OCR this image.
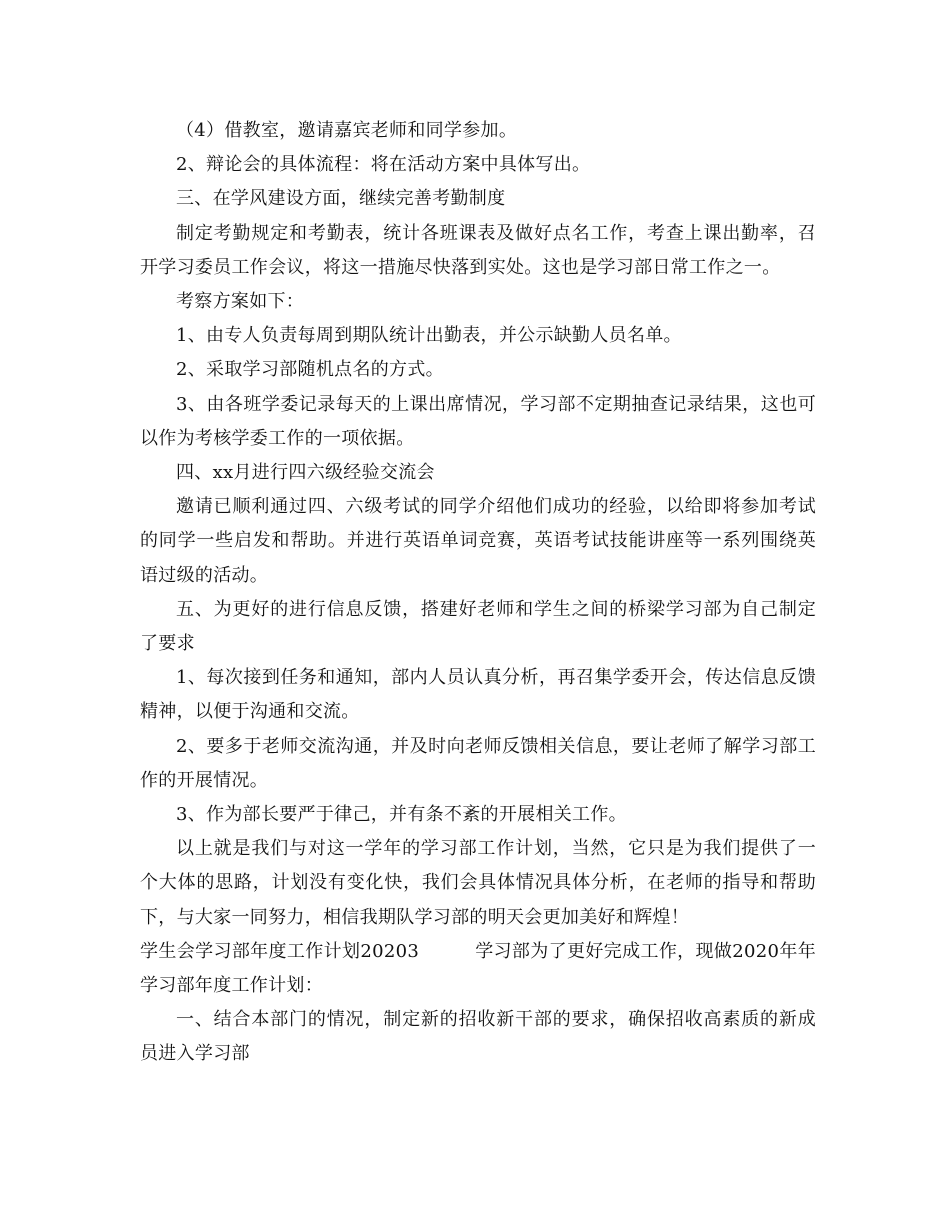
（4）借教室，邀请嘉宾老师和同学参加。

2、辩论会的具体流程：将在活动方案中具体写出。

三、在学风建设方面，继续完善考勤制度

制定考勤规定和考勤表，统计各班课表及做好点名工作，考查上课出勤率，召开学习委员工作会议，将这一措施尽快落到实处。这也是学习部日常工作之一。

考察方案如下：

1、由专人负责每周到期队统计出勤表，并公示缺勤人员名单。

2、采取学习部随机点名的方式。

3、由各班学委记录每天的上课出席情况，学习部不定期抽查记录结果，这也可以作为考核学委工作的一项依据。

四、xx月进行四六级经验交流会

邀请已顺利通过四、六级考试的同学介绍他们成功的经验，以给即将参加考试的同学一些启发和帮助。并进行英语单词竞赛，英语考试技能讲座等一系列围绕英语过级的活动。

五、为更好的进行信息反馈，搭建好老师和学生之间的桥梁学习部为自己制定了要求

1、每次接到任务和通知，部内人员认真分析，再召集学委开会，传达信息反馈精神，以便于沟通和交流。

2、要多于老师交流沟通，并及时向老师反馈相关信息，要让老师了解学习部工作的开展情况。

3、作为部长要严于律己，并有条不紊的开展相关工作。

以上就是我们与对这一学年的学习部工作计划，当然，它只是为我们提供了一个大体的思路，计划没有变化快，我们会具体情况具体分析，在老师的指导和帮助下，与大家一同努力，相信我期队学习部的明天会更加美好和辉煌！

学生会学习部年度工作计划20203	学习部为了更好完成工作，现做2020年年学习部年度工作计划：

一、结合本部门的情况，制定新的招收新干部的要求，确保招收高素质的新成员进入学习部
